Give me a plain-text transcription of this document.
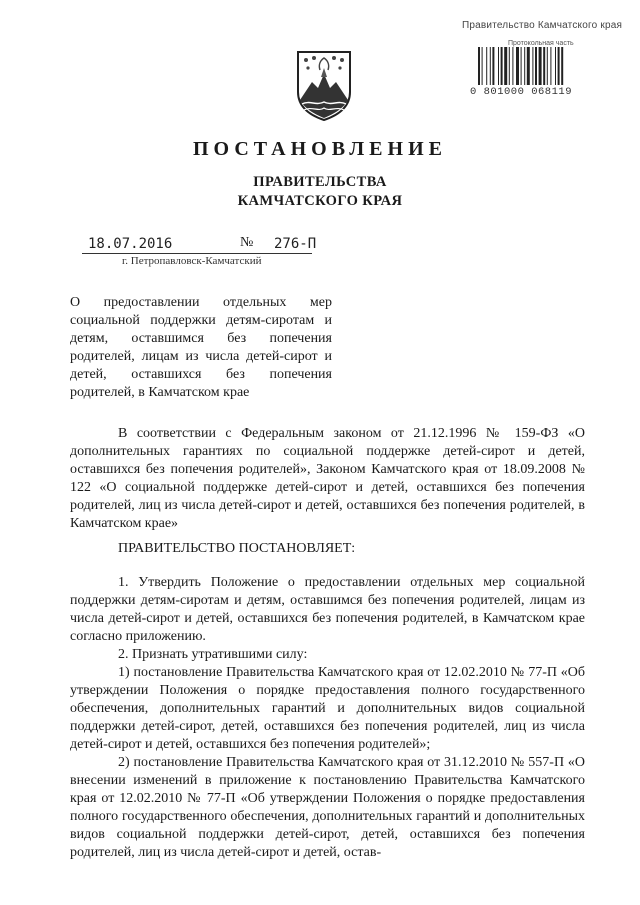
Правительство Камчатского края
Протокольная часть
0 801000 068119
ПОСТАНОВЛЕНИЕ
ПРАВИТЕЛЬСТВА
КАМЧАТСКОГО КРАЯ
18.07.2016	№ 276-П
г. Петропавловск-Камчатский
О предоставлении отдельных мер социальной поддержки детям-сиротам и детям, оставшимся без попечения родителей, лицам из числа детей-сирот и детей, оставшихся без попечения родителей, в Камчатском крае

В соответствии с Федеральным законом от 21.12.1996 № 159-ФЗ «О дополнительных гарантиях по социальной поддержке детей-сирот и детей, оставшихся без попечения родителей», Законом Камчатского края от 18.09.2008 № 122 «О социальной поддержке детей-сирот и детей, оставшихся без попечения родителей, лиц из числа детей-сирот и детей, оставшихся без попечения родителей, в Камчатском крае»

ПРАВИТЕЛЬСТВО ПОСТАНОВЛЯЕТ:

1. Утвердить Положение о предоставлении отдельных мер социальной поддержки детям-сиротам и детям, оставшимся без попечения родителей, лицам из числа детей-сирот и детей, оставшихся без попечения родителей, в Камчатском крае согласно приложению.

2. Признать утратившими силу:

1) постановление Правительства Камчатского края от 12.02.2010 № 77-П «Об утверждении Положения о порядке предоставления полного государственного обеспечения, дополнительных гарантий и дополнительных видов социальной поддержки детей-сирот, детей, оставшихся без попечения родителей, лиц из числа детей-сирот и детей, оставшихся без попечения родителей»;

2) постановление Правительства Камчатского края от 31.12.2010 № 557-П «О внесении изменений в приложение к постановлению Правительства Камчатского края от 12.02.2010 № 77-П «Об утверждении Положения о порядке предоставления полного государственного обеспечения, дополнительных гарантий и дополнительных видов социальной поддержки детей-сирот, детей, оставшихся без попечения родителей, лиц из числа детей-сирот и детей, остав-
